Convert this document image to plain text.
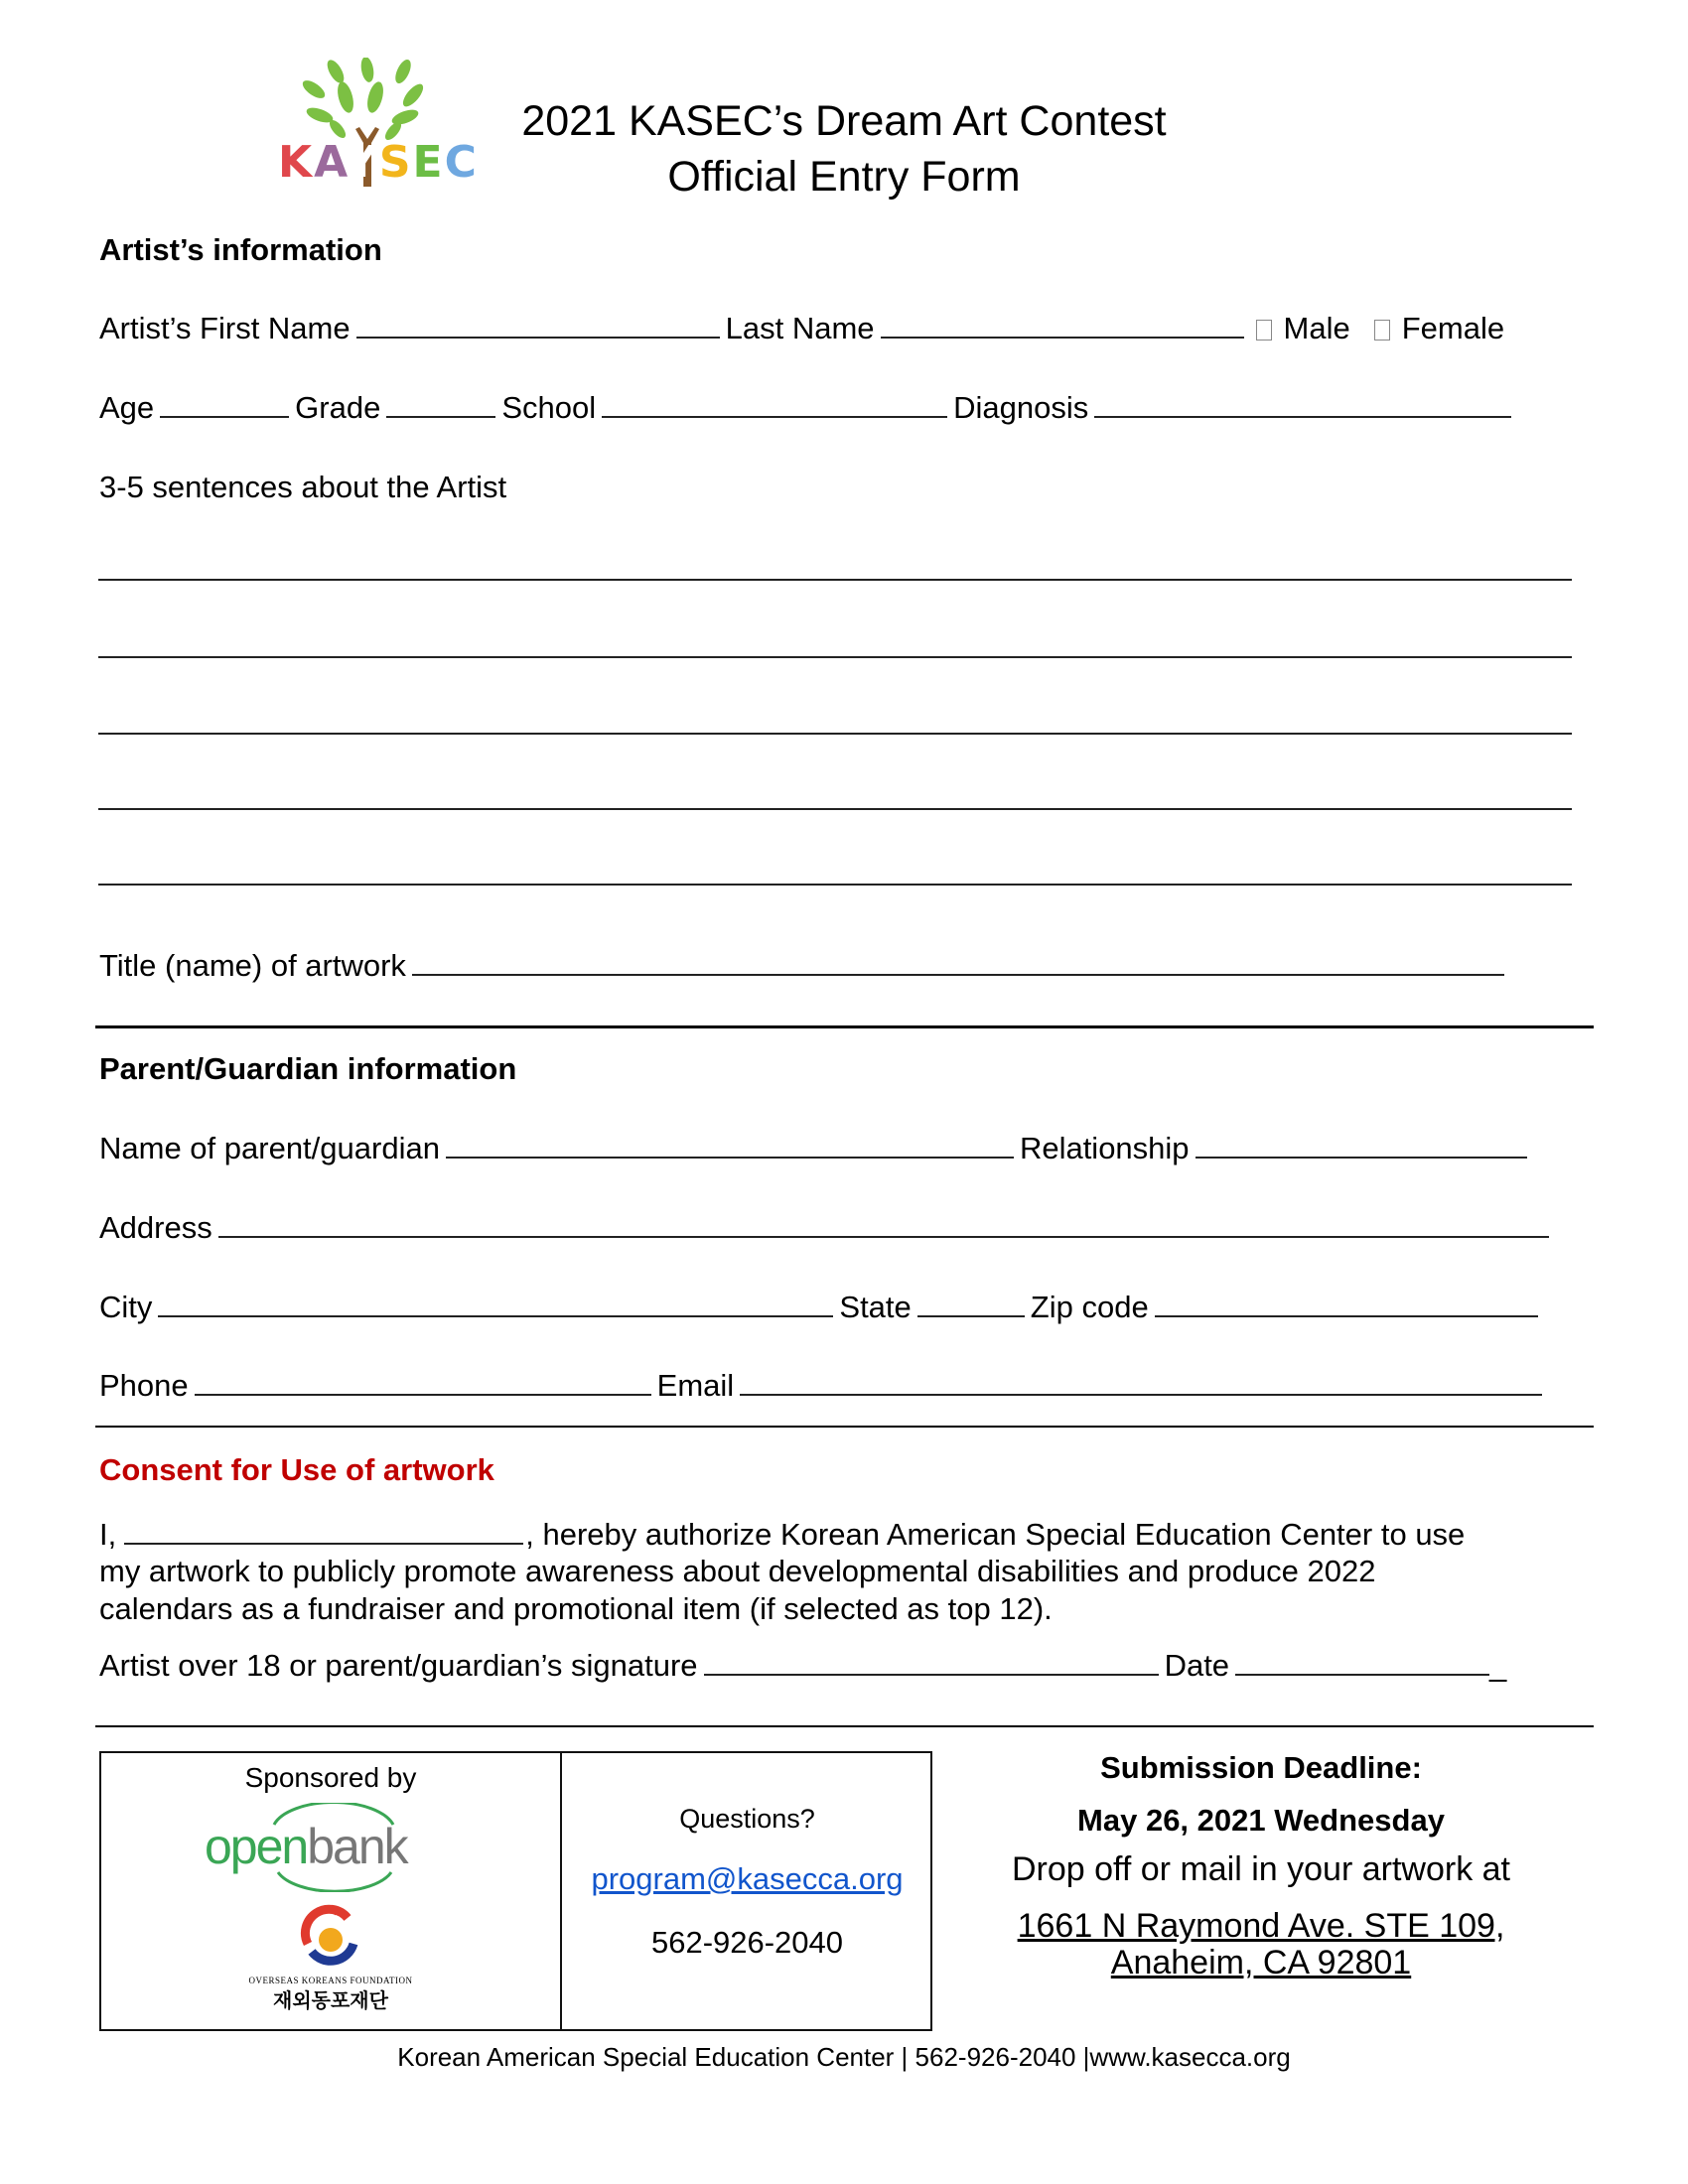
KAYSEC
2021 KASEC’s Dream Art Contest
Official Entry Form
Artist’s information
Artist’s First Name	Last Name	Male Female
Age	Grade	School	Diagnosis
3-5 sentences about the Artist
Title (name) of artwork
Parent/Guardian information
Name of parent/guardian	Relationship
Address
City	State	Zip code
Phone	Email
Consent for Use of artwork
I,	, hereby authorize Korean American Special Education Center to use
my artwork to publicly promote awareness about developmental disabilities and produce 2022
calendars as a fundraiser and promotional item (if selected as top 12).
Artist over 18 or parent/guardian’s signature	Date	_
Sponsored by
openbank
OVERSEAS KOREANS FOUNDATION
재외동포재단
Questions?
program@kasecca.org
562-926-2040
Submission Deadline:
May 26, 2021 Wednesday
Drop off or mail in your artwork at
1661 N Raymond Ave. STE 109,
Anaheim, CA 92801
Korean American Special Education Center | 562-926-2040 |www.kasecca.org
